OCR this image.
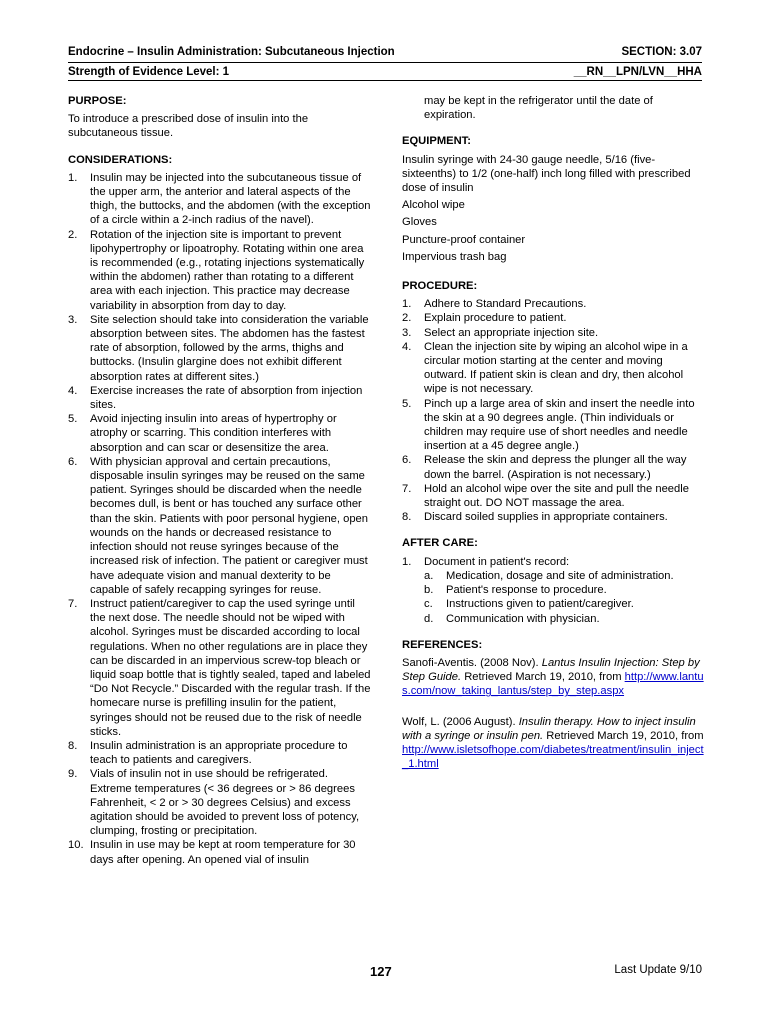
Endocrine – Insulin Administration: Subcutaneous Injection	SECTION: 3.07
Strength of Evidence Level: 1	__RN__LPN/LVN__HHA
PURPOSE:

To introduce a prescribed dose of insulin into the subcutaneous tissue.

CONSIDERATIONS:
1.	Insulin may be injected into the subcutaneous tissue of the upper arm, the anterior and lateral aspects of the thigh, the buttocks, and the abdomen (with the exception of a circle within a 2-inch radius of the navel).
2.	Rotation of the injection site is important to prevent lipohypertrophy or lipoatrophy. Rotating within one area is recommended (e.g., rotating injections systematically within the abdomen) rather than rotating to a different area with each injection. This practice may decrease variability in absorption from day to day.
3.	Site selection should take into consideration the variable absorption between sites. The abdomen has the fastest rate of absorption, followed by the arms, thighs and buttocks. (Insulin glargine does not exhibit different absorption rates at different sites.)
4.	Exercise increases the rate of absorption from injection sites.
5.	Avoid injecting insulin into areas of hypertrophy or atrophy or scarring. This condition interferes with absorption and can scar or desensitize the area.
6.	With physician approval and certain precautions, disposable insulin syringes may be reused on the same patient. Syringes should be discarded when the needle becomes dull, is bent or has touched any surface other than the skin. Patients with poor personal hygiene, open wounds on the hands or decreased resistance to infection should not reuse syringes because of the increased risk of infection. The patient or caregiver must have adequate vision and manual dexterity to be capable of safely recapping syringes for reuse.
7.	Instruct patient/caregiver to cap the used syringe until the next dose. The needle should not be wiped with alcohol. Syringes must be discarded according to local regulations. When no other regulations are in place they can be discarded in an impervious screw-top bleach or liquid soap bottle that is tightly sealed, taped and labeled “Do Not Recycle.” Discarded with the regular trash. If the homecare nurse is prefilling insulin for the patient, syringes should not be reused due to the risk of needle sticks.
8.	Insulin administration is an appropriate procedure to teach to patients and caregivers.
9.	Vials of insulin not in use should be refrigerated. Extreme temperatures (< 36 degrees or > 86 degrees Fahrenheit, < 2 or > 30 degrees Celsius) and excess agitation should be avoided to prevent loss of potency, clumping, frosting or precipitation.
10. Insulin in use may be kept at room temperature for 30 days after opening. An opened vial of insulin
may be kept in the refrigerator until the date of expiration.
EQUIPMENT:

Insulin syringe with 24-30 gauge needle, 5/16 (five-sixteenths) to 1/2 (one-half) inch long filled with prescribed dose of insulin

Alcohol wipe

Gloves

Puncture-proof container

Impervious trash bag

PROCEDURE:
1.	Adhere to Standard Precautions.
2.	Explain procedure to patient.
3.	Select an appropriate injection site.
4.	Clean the injection site by wiping an alcohol wipe in a circular motion starting at the center and moving outward. If patient skin is clean and dry, then alcohol wipe is not necessary.
5.	Pinch up a large area of skin and insert the needle into the skin at a 90 degrees angle. (Thin individuals or children may require use of short needles and needle insertion at a 45 degree angle.)
6.	Release the skin and depress the plunger all the way down the barrel. (Aspiration is not necessary.)
7.	Hold an alcohol wipe over the site and pull the needle straight out. DO NOT massage the area.
8.	Discard soiled supplies in appropriate containers.
AFTER CARE:
1.	Document in patient's record:
a.	Medication, dosage and site of administration.
b.	Patient's response to procedure.
c.	Instructions given to patient/caregiver.
d.	Communication with physician.
REFERENCES:

Sanofi-Aventis. (2008 Nov). Lantus Insulin Injection: Step by Step Guide. Retrieved March 19, 2010, from http://www.lantus.com/now_taking_lantus/step_by_step.aspx

Wolf, L. (2006 August). Insulin therapy. How to inject insulin with a syringe or insulin pen. Retrieved March 19, 2010, from http://www.isletsofhope.com/diabetes/treatment/insulin_inject_1.html

127	Last Update 9/10
